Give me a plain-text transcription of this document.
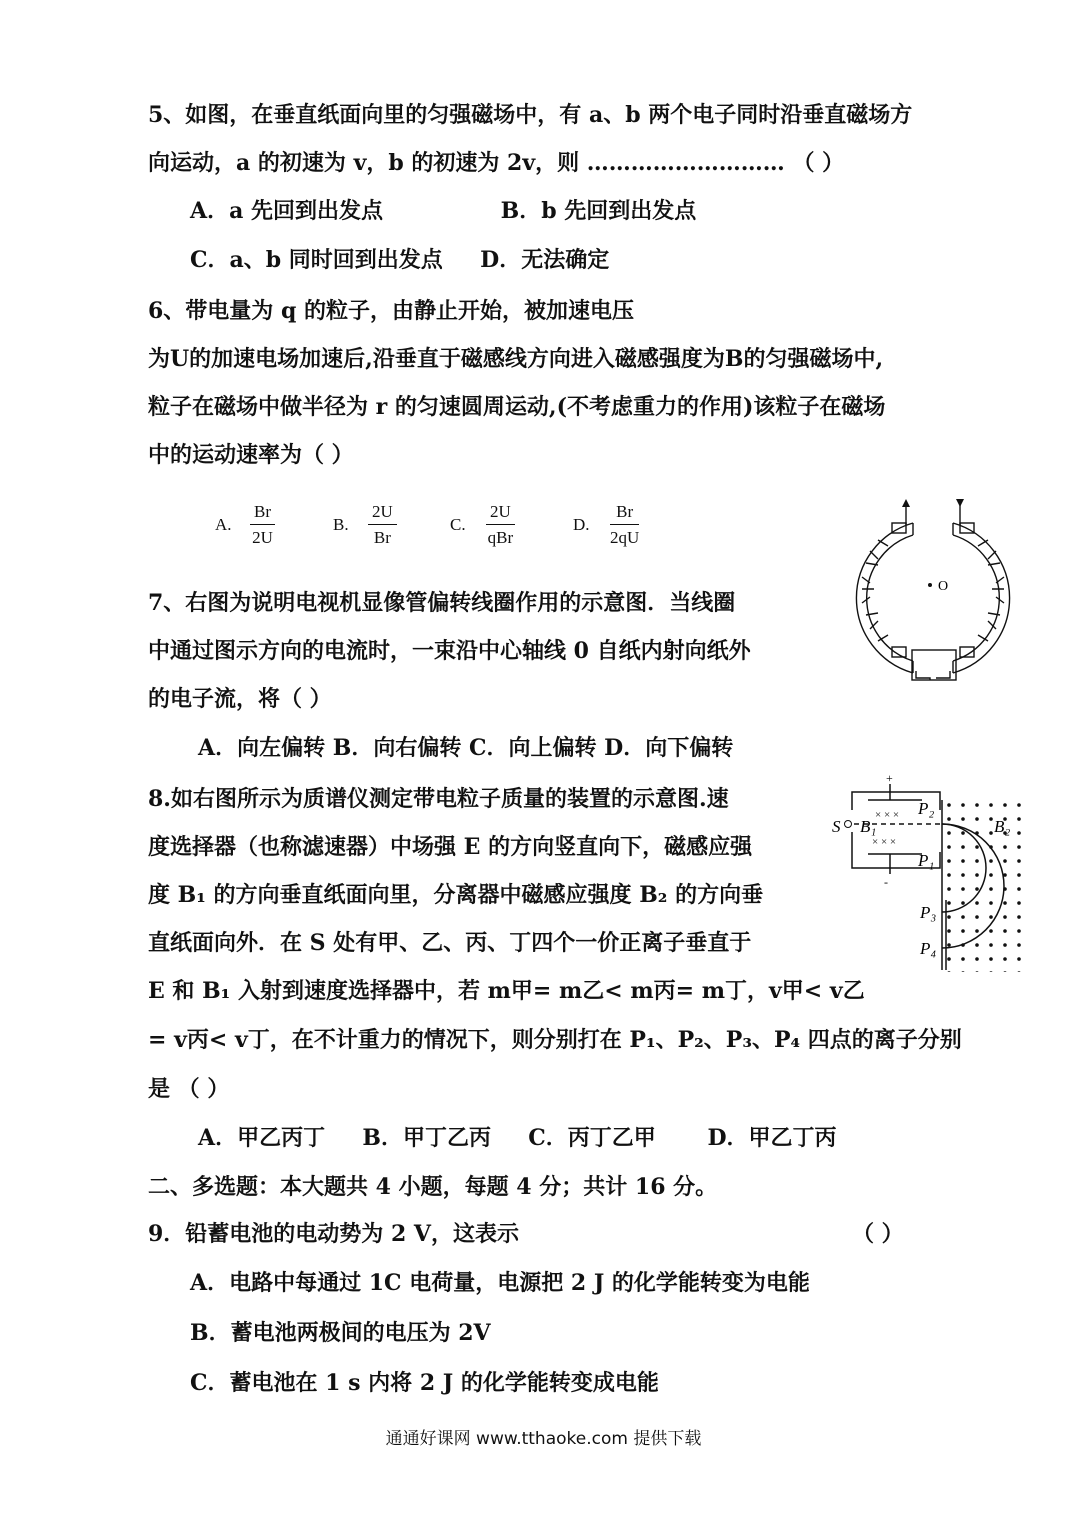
5、如图，在垂直纸面向里的匀强磁场中，有 a、b 两个电子同时沿垂直磁场方
向运动，a 的初速为 v，b 的初速为 2v，则 ……………………… （ ）
A．a 先回到出发点 　　　　　B．b 先回到出发点
C．a、b 同时回到出发点 　 D．无法确定
6、带电量为 q 的粒子，由静止开始，被加速电压
为U的加速电场加速后,沿垂直于磁感线方向进入磁感强度为B的匀强磁场中,
粒子在磁场中做半径为 r 的匀速圆周运动,(不考虑重力的作用)该粒子在磁场
中的运动速率为（ ）
A. $\frac{Br}{2U}$	B. $\frac{2U}{Br}$	C.
2U
qBr
D. $\frac{Br}{2qU}$
O
7、右图为说明电视机显像管偏转线圈作用的示意图．当线圈
中通过图示方向的电流时，一束沿中心轴线 0 自纸内射向纸外
的电子流，将（ ）
A．向左偏转 B．向右偏转 C．向上偏转 D．向下偏转
× × ×
× × ×
+
-
S B₁	B₂
P₂
P₁
P₃
P₄
8.如右图所示为质谱仪测定带电粒子质量的装置的示意图.速
度选择器（也称滤速器）中场强 E 的方向竖直向下，磁感应强
度 B₁ 的方向垂直纸面向里，分离器中磁感应强度 B₂ 的方向垂
直纸面向外．在 S 处有甲、乙、丙、丁四个一价正离子垂直于
E 和 B₁ 入射到速度选择器中，若 m甲= m乙< m丙= m丁，v甲< v乙
= v丙< v丁，在不计重力的情况下，则分别打在 P₁、P₂、P₃、P₄ 四点的离子分别
是 （ ）
A．甲乙丙丁 　 B．甲丁乙丙 　 C．丙丁乙甲 　　D．甲乙丁丙
二、多选题：本大题共 4 小题，每题 4 分；共计 16 分。
9．铅蓄电池的电动势为 2 V，这表示	（ ）
A．电路中每通过 1C 电荷量，电源把 2 J 的化学能转变为电能
B．蓄电池两极间的电压为 2V
C．蓄电池在 1 s 内将 2 J 的化学能转变成电能
通通好课网 www.tthaoke.com 提供下载
